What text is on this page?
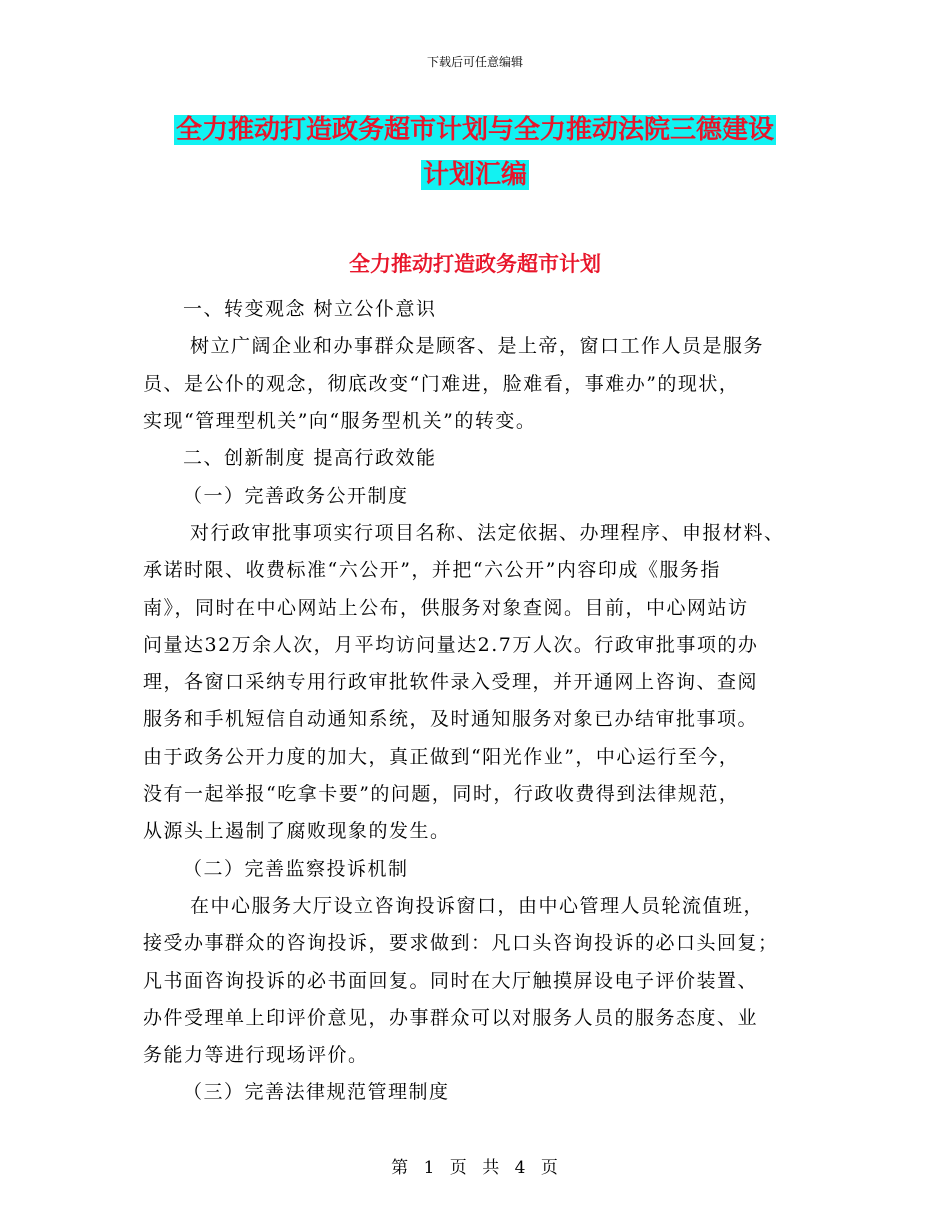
下载后可任意编辑
全力推动打造政务超市计划与全力推动法院三德建设
计划汇编
全力推动打造政务超市计划
一、转变观念 树立公仆意识
树立广阔企业和办事群众是顾客、是上帝，窗口工作人员是服务
员、是公仆的观念，彻底改变“门难进，脸难看，事难办”的现状，
实现“管理型机关”向“服务型机关”的转变。
二、创新制度 提高行政效能
（一）完善政务公开制度
对行政审批事项实行项目名称、法定依据、办理程序、申报材料、
承诺时限、收费标准“六公开”，并把“六公开”内容印成《服务指
南》，同时在中心网站上公布，供服务对象查阅。目前，中心网站访
问量达32万余人次，月平均访问量达2.7万人次。行政审批事项的办
理，各窗口采纳专用行政审批软件录入受理，并开通网上咨询、查阅
服务和手机短信自动通知系统，及时通知服务对象已办结审批事项。
由于政务公开力度的加大，真正做到“阳光作业”，中心运行至今，
没有一起举报“吃拿卡要”的问题，同时，行政收费得到法律规范，
从源头上遏制了腐败现象的发生。
（二）完善监察投诉机制
在中心服务大厅设立咨询投诉窗口，由中心管理人员轮流值班，
接受办事群众的咨询投诉，要求做到：凡口头咨询投诉的必口头回复；
凡书面咨询投诉的必书面回复。同时在大厅触摸屏设电子评价装置、
办件受理单上印评价意见，办事群众可以对服务人员的服务态度、业
务能力等进行现场评价。
（三）完善法律规范管理制度
第 1 页 共 4 页
